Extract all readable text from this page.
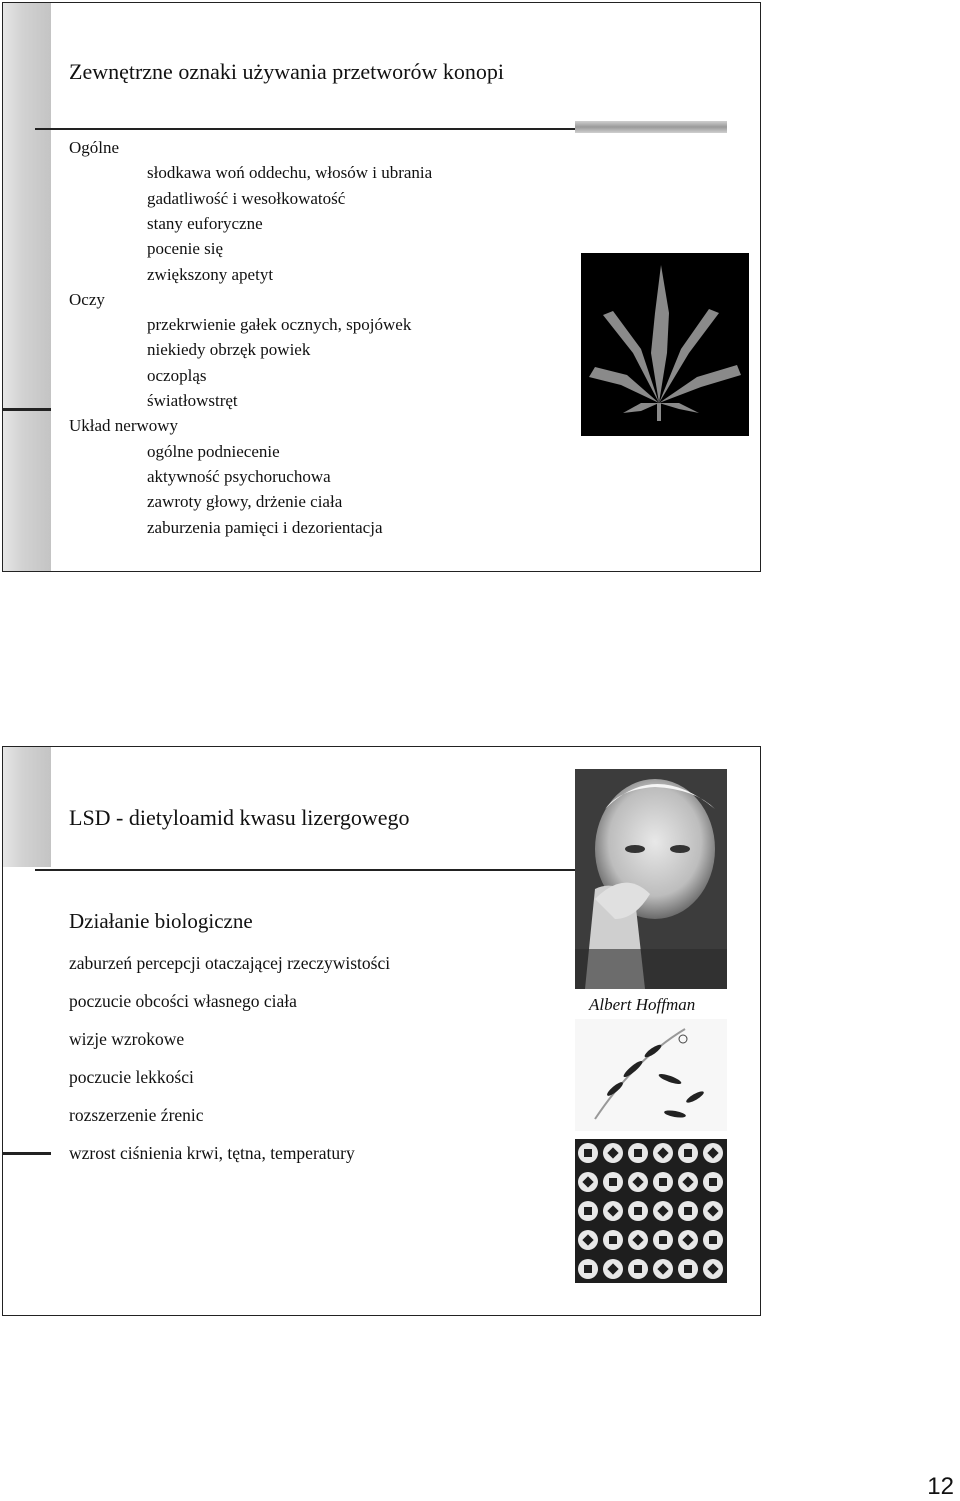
Zewnętrzne oznaki używania przetworów konopi
Ogólne
słodkawa woń oddechu, włosów i ubrania
gadatliwość i wesołkowatość
stany euforyczne
pocenie się
zwiększony apetyt
Oczy
przekrwienie gałek ocznych, spojówek
niekiedy obrzęk powiek
oczopląs
światłowstręt
Układ nerwowy
ogólne podniecenie
aktywność psychoruchowa
zawroty głowy, drżenie ciała
zaburzenia pamięci i dezorientacja
LSD - dietyloamid kwasu lizergowego
Działanie biologiczne
zaburzeń percepcji otaczającej rzeczywistości
poczucie obcości własnego ciała
wizje wzrokowe
poczucie lekkości
rozszerzenie źrenic
wzrost ciśnienia krwi, tętna, temperatury
Albert Hoffman
12
